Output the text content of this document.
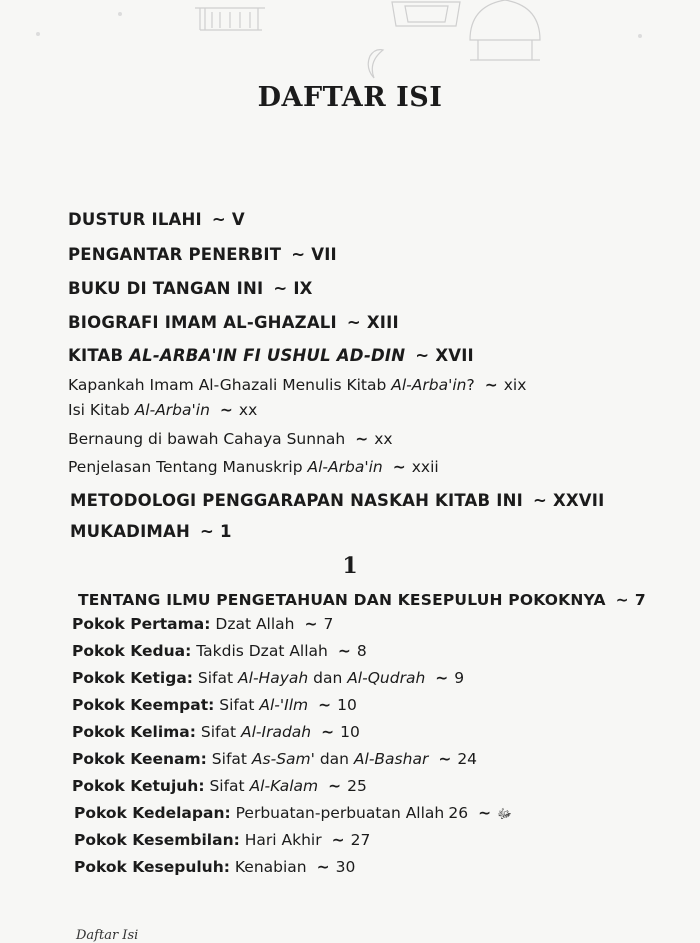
DAFTAR ISI
DUSTUR ILAHI ~ V
PENGANTAR PENERBIT ~ VII
BUKU DI TANGAN INI ~ IX
BIOGRAFI IMAM AL-GHAZALI ~ XIII
KITAB AL-ARBA'IN FI USHUL AD-DIN ~ XVII
Kapankah Imam Al-Ghazali Menulis Kitab Al-Arba'in? ~ xix
Isi Kitab Al-Arba'in ~ xx
Bernaung di bawah Cahaya Sunnah ~ xx
Penjelasan Tentang Manuskrip Al-Arba'in ~ xxii
METODOLOGI PENGGARAPAN NASKAH KITAB INI ~ XXVII
MUKADIMAH ~ 1
1
TENTANG ILMU PENGETAHUAN DAN KESEPULUH POKOKNYA ~ 7
Pokok Pertama: Dzat Allah ~ 7
Pokok Kedua: Takdis Dzat Allah ~ 8
Pokok Ketiga: Sifat Al-Hayah dan Al-Qudrah ~ 9
Pokok Keempat: Sifat Al-'Ilm ~ 10
Pokok Kelima: Sifat Al-Iradah ~ 10
Pokok Keenam: Sifat As-Sam' dan Al-Bashar ~ 24
Pokok Ketujuh: Sifat Al-Kalam ~ 25
Pokok Kedelapan: Perbuatan-perbuatan Allah ﷻ~26
Pokok Kesembilan: Hari Akhir ~ 27
Pokok Kesepuluh: Kenabian ~ 30
Daftar Isi
